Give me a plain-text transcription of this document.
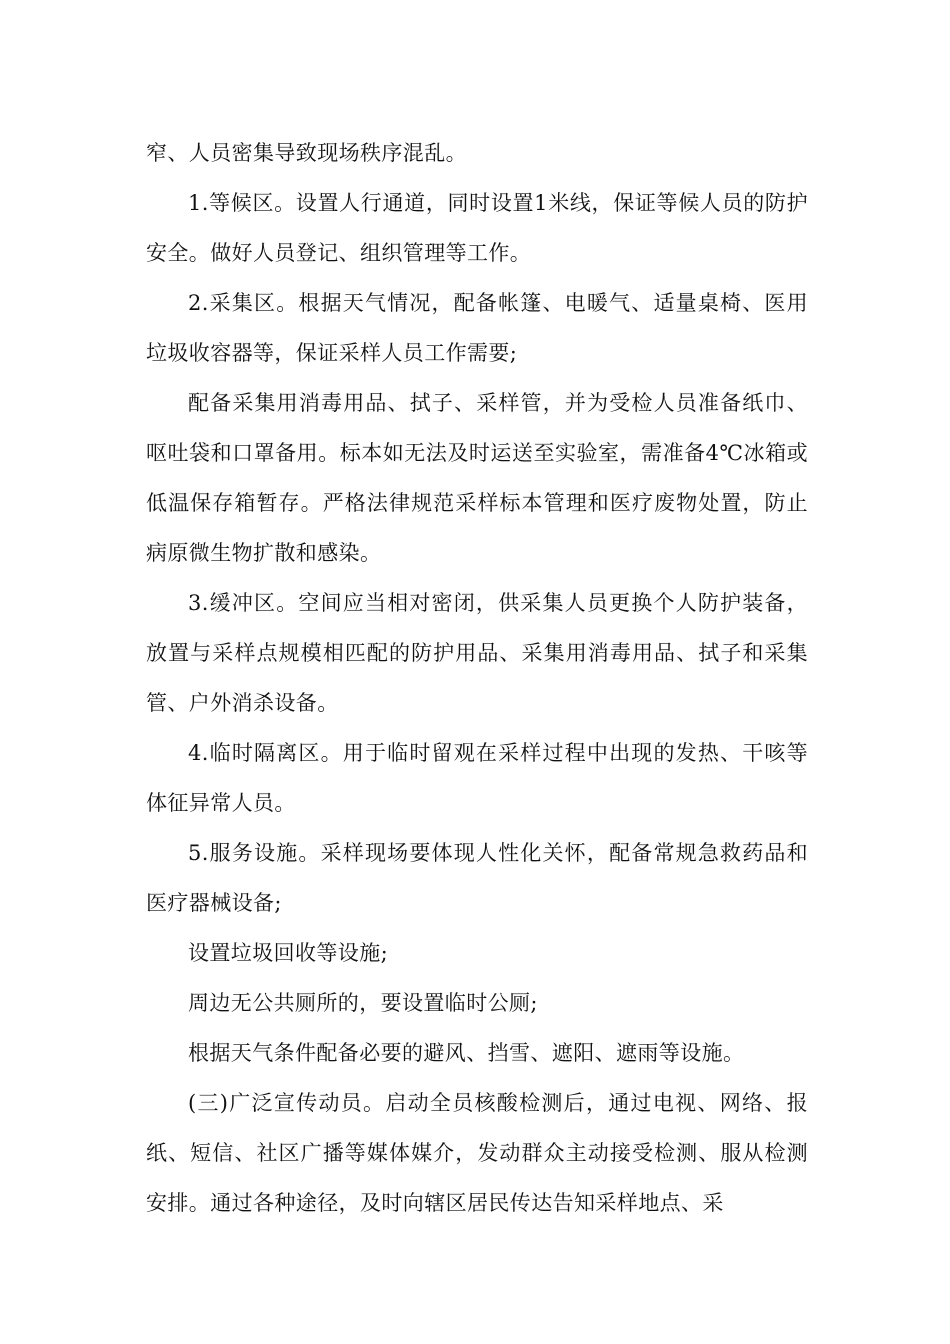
窄、人员密集导致现场秩序混乱。

1.等候区。设置人行通道，同时设置1米线，保证等候人员的防护安全。做好人员登记、组织管理等工作。

2.采集区。根据天气情况，配备帐篷、电暖气、适量桌椅、医用垃圾收容器等，保证采样人员工作需要;

配备采集用消毒用品、拭子、采样管，并为受检人员准备纸巾、呕吐袋和口罩备用。标本如无法及时运送至实验室，需准备4℃冰箱或低温保存箱暂存。严格法律规范采样标本管理和医疗废物处置，防止病原微生物扩散和感染。

3.缓冲区。空间应当相对密闭，供采集人员更换个人防护装备，放置与采样点规模相匹配的防护用品、采集用消毒用品、拭子和采集管、户外消杀设备。

4.临时隔离区。用于临时留观在采样过程中出现的发热、干咳等体征异常人员。

5.服务设施。采样现场要体现人性化关怀，配备常规急救药品和医疗器械设备;

设置垃圾回收等设施;

周边无公共厕所的，要设置临时公厕;

根据天气条件配备必要的避风、挡雪、遮阳、遮雨等设施。

(三)广泛宣传动员。启动全员核酸检测后，通过电视、网络、报纸、短信、社区广播等媒体媒介，发动群众主动接受检测、服从检测安排。通过各种途径，及时向辖区居民传达告知采样地点、采
